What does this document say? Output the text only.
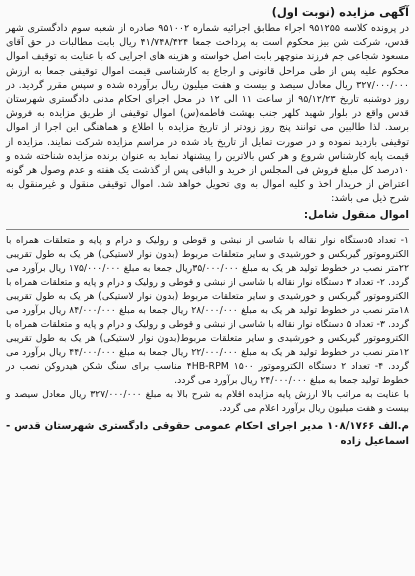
آگهی مزایده (نوبت اول)

در پرونده کلاسه ۹۵۱۲۵۵ اجراء مطابق اجرائیه شماره ۹۵۱۰۰۲ صادره از شعبه سوم دادگستری شهر قدس، شرکت شن بیز محکوم است به پرداخت جمعا ۴۱/۷۴۸/۴۲۴ ریال بابت مطالبات در حق آقای مسعود شجاعی جم فرزند منوچهر بابت اصل خواسته و هزینه های اجرایی که با عنایت به توقیف اموال محکوم علیه پس از طی مراحل قانونی و ارجاع به کارشناسی قیمت اموال توقیفی جمعا به ارزش ۳۲۷/۰۰۰/۰۰۰ ریال معادل سیصد و بیست و هفت میلیون ریال برآورده شده و سپس مقرر گردید. در روز دوشنبه تاریخ ۹۵/۱۲/۲۳ از ساعت ۱۱ الی ۱۲ در محل اجرای احکام مدنی دادگستری شهرستان قدس واقع در بلوار شهید کلهر جنب بهشت فاطمه(س) اموال توقیفی از طریق مزایده به فروش برسد. لذا طالبین می توانند پنج روز زودتر از تاریخ مزایده با اطلاع و هماهنگی این اجرا از اموال توقیفی بازدید نموده و در صورت تمایل از تاریخ یاد شده در مراسم مزایده شرکت نمایند. مزایده از قیمت پایه کارشناس شروع و هر کس بالاترین را پیشنهاد نماید به عنوان برنده مزایده شناخته شده و ۱۰درصد کل مبلغ فروش فی المجلس از خرید و الباقی پس از گذشت یک هفته و عدم وصول هر گونه اعتراض از خریدار اخذ و کلیه اموال به وی تحویل خواهد شد. اموال توقیفی منقول و غیرمنقول به شرح ذیل می باشد:

اموال منقول شامل:

۱- تعداد ۵دستگاه نوار نقاله با شاسی از نبشی و قوطی و رولیک و درام و پایه و متعلقات همراه با الکتروموتور گیربکس و خورشیدی و سایر متعلقات مربوط (بدون نوار لاستیکی) هر یک به طول تقریبی ۲۲متر نصب در خطوط تولید هر یک به مبلغ ۳۵/۰۰۰/۰۰۰ریال جمعا به مبلغ ۱۷۵/۰۰۰/۰۰۰ ریال برآورد می گردد. ۲- تعداد ۳ دستگاه نوار نقاله با شاسی از نبشی و قوطی و رولیک و درام و پایه و متعلقات همراه با الکتروموتور گیربکس و خورشیدی و سایر متعلقات مربوط (بدون نوار لاستیکی) هر یک به طول تقریبی ۱۸متر نصب در خطوط تولید هر یک به مبلغ ۲۸/۰۰۰/۰۰۰ ریال جمعا به مبلغ ۸۴/۰۰۰/۰۰۰ ریال برآورد می گردد. ۳- تعداد ۵ دستگاه نوار نقاله با شاسی از نبشی و قوطی و رولیک و درام و پایه و متعلقات همراه با الکتروموتور گیربکس و خورشیدی و سایر متعلقات مربوط(بدون نوار لاستیکی) هر یک به طول تقریبی ۱۲متر نصب در خطوط تولید هر یک به مبلغ ۲۲/۰۰۰/۰۰۰ ریال جمعا به مبلغ ۴۴/۰۰۰/۰۰۰ ریال برآورد می گردد. ۴- تعداد ۲ دستگاه الکتروموتور ۴HB-RPM ۱۵۰۰ مناسب برای سنگ شکن هیدروکن نصب در خطوط تولید جمعا به مبلغ ۲۴/۰۰۰/۰۰۰ ریال برآورد می گردد.

با عنایت به مراتب بالا ارزش پایه مزایده اقلام به شرح بالا به مبلغ ۳۲۷/۰۰۰/۰۰۰ ریال معادل سیصد و بیست و هفت میلیون ریال برآورد اعلام می گردد.

م.الف ۱۰۸/۱۷۶۶ مدیر اجرای احکام عمومی حقوقی دادگستری شهرستان قدس - اسماعیل زاده
